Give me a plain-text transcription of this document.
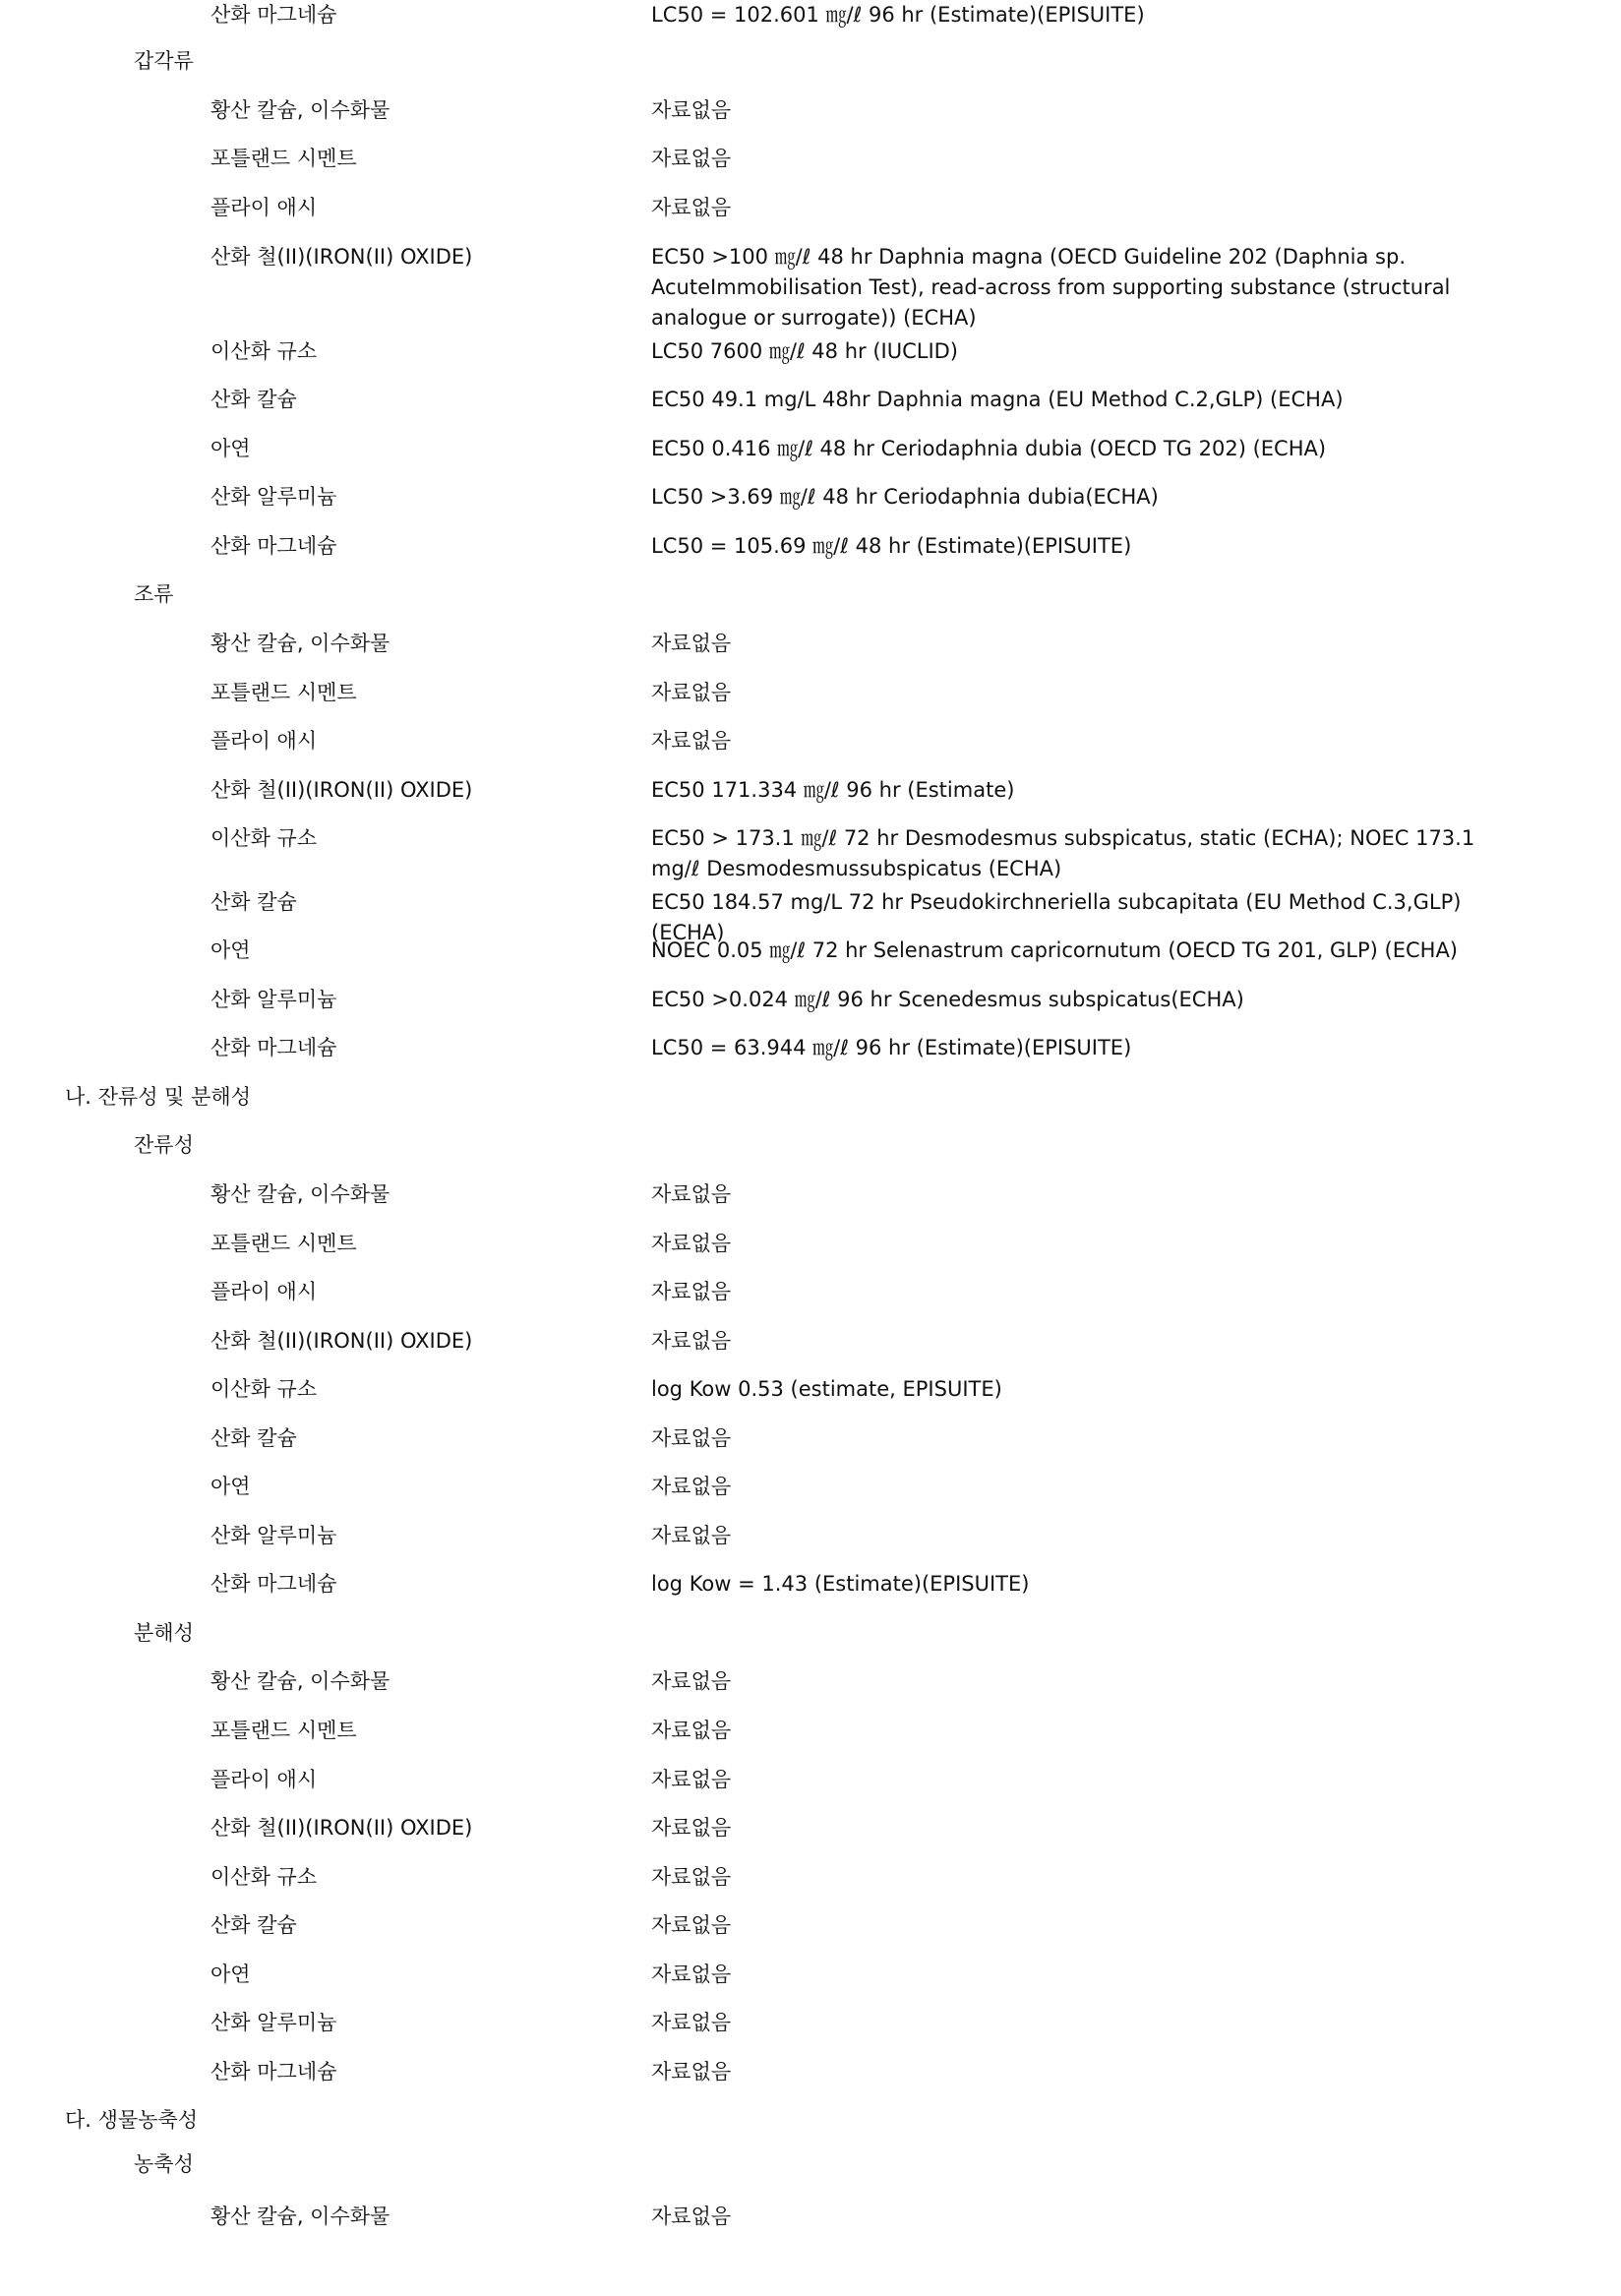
산화 마그네슘	LC50 = 102.601 ㎎/ℓ 96 hr (Estimate)(EPISUITE)
갑각류
황산 칼슘, 이수화물	자료없음
포틀랜드 시멘트	자료없음
플라이 애시	자료없음
산화 철(II)(IRON(II) OXIDE)	EC50 >100 ㎎/ℓ 48 hr Daphnia magna (OECD Guideline 202 (Daphnia sp. AcuteImmobilisation Test), read-across from supporting substance (structural analogue or surrogate)) (ECHA)
이산화 규소	LC50 7600 ㎎/ℓ 48 hr (IUCLID)
산화 칼슘	EC50 49.1 mg/L 48hr Daphnia magna (EU Method C.2,GLP) (ECHA)
아연	EC50 0.416 ㎎/ℓ 48 hr Ceriodaphnia dubia (OECD TG 202) (ECHA)
산화 알루미늄	LC50 >3.69 ㎎/ℓ 48 hr Ceriodaphnia dubia(ECHA)
산화 마그네슘	LC50 = 105.69 ㎎/ℓ 48 hr (Estimate)(EPISUITE)
조류
황산 칼슘, 이수화물	자료없음
포틀랜드 시멘트	자료없음
플라이 애시	자료없음
산화 철(II)(IRON(II) OXIDE)	EC50 171.334 ㎎/ℓ 96 hr (Estimate)
이산화 규소	EC50 > 173.1 ㎎/ℓ 72 hr Desmodesmus subspicatus, static (ECHA); NOEC 173.1 mg/ℓ Desmodesmussubspicatus (ECHA)
산화 칼슘	EC50 184.57 mg/L 72 hr Pseudokirchneriella subcapitata (EU Method C.3,GLP) (ECHA)
아연	NOEC 0.05 ㎎/ℓ 72 hr Selenastrum capricornutum (OECD TG 201, GLP) (ECHA)
산화 알루미늄	EC50 >0.024 ㎎/ℓ 96 hr Scenedesmus subspicatus(ECHA)
산화 마그네슘	LC50 = 63.944 ㎎/ℓ 96 hr (Estimate)(EPISUITE)
나. 잔류성 및 분해성
잔류성
황산 칼슘, 이수화물	자료없음
포틀랜드 시멘트	자료없음
플라이 애시	자료없음
산화 철(II)(IRON(II) OXIDE)	자료없음
이산화 규소	log Kow 0.53 (estimate, EPISUITE)
산화 칼슘	자료없음
아연	자료없음
산화 알루미늄	자료없음
산화 마그네슘	log Kow = 1.43 (Estimate)(EPISUITE)
분해성
황산 칼슘, 이수화물	자료없음
포틀랜드 시멘트	자료없음
플라이 애시	자료없음
산화 철(II)(IRON(II) OXIDE)	자료없음
이산화 규소	자료없음
산화 칼슘	자료없음
아연	자료없음
산화 알루미늄	자료없음
산화 마그네슘	자료없음
다. 생물농축성
농축성
황산 칼슘, 이수화물	자료없음
